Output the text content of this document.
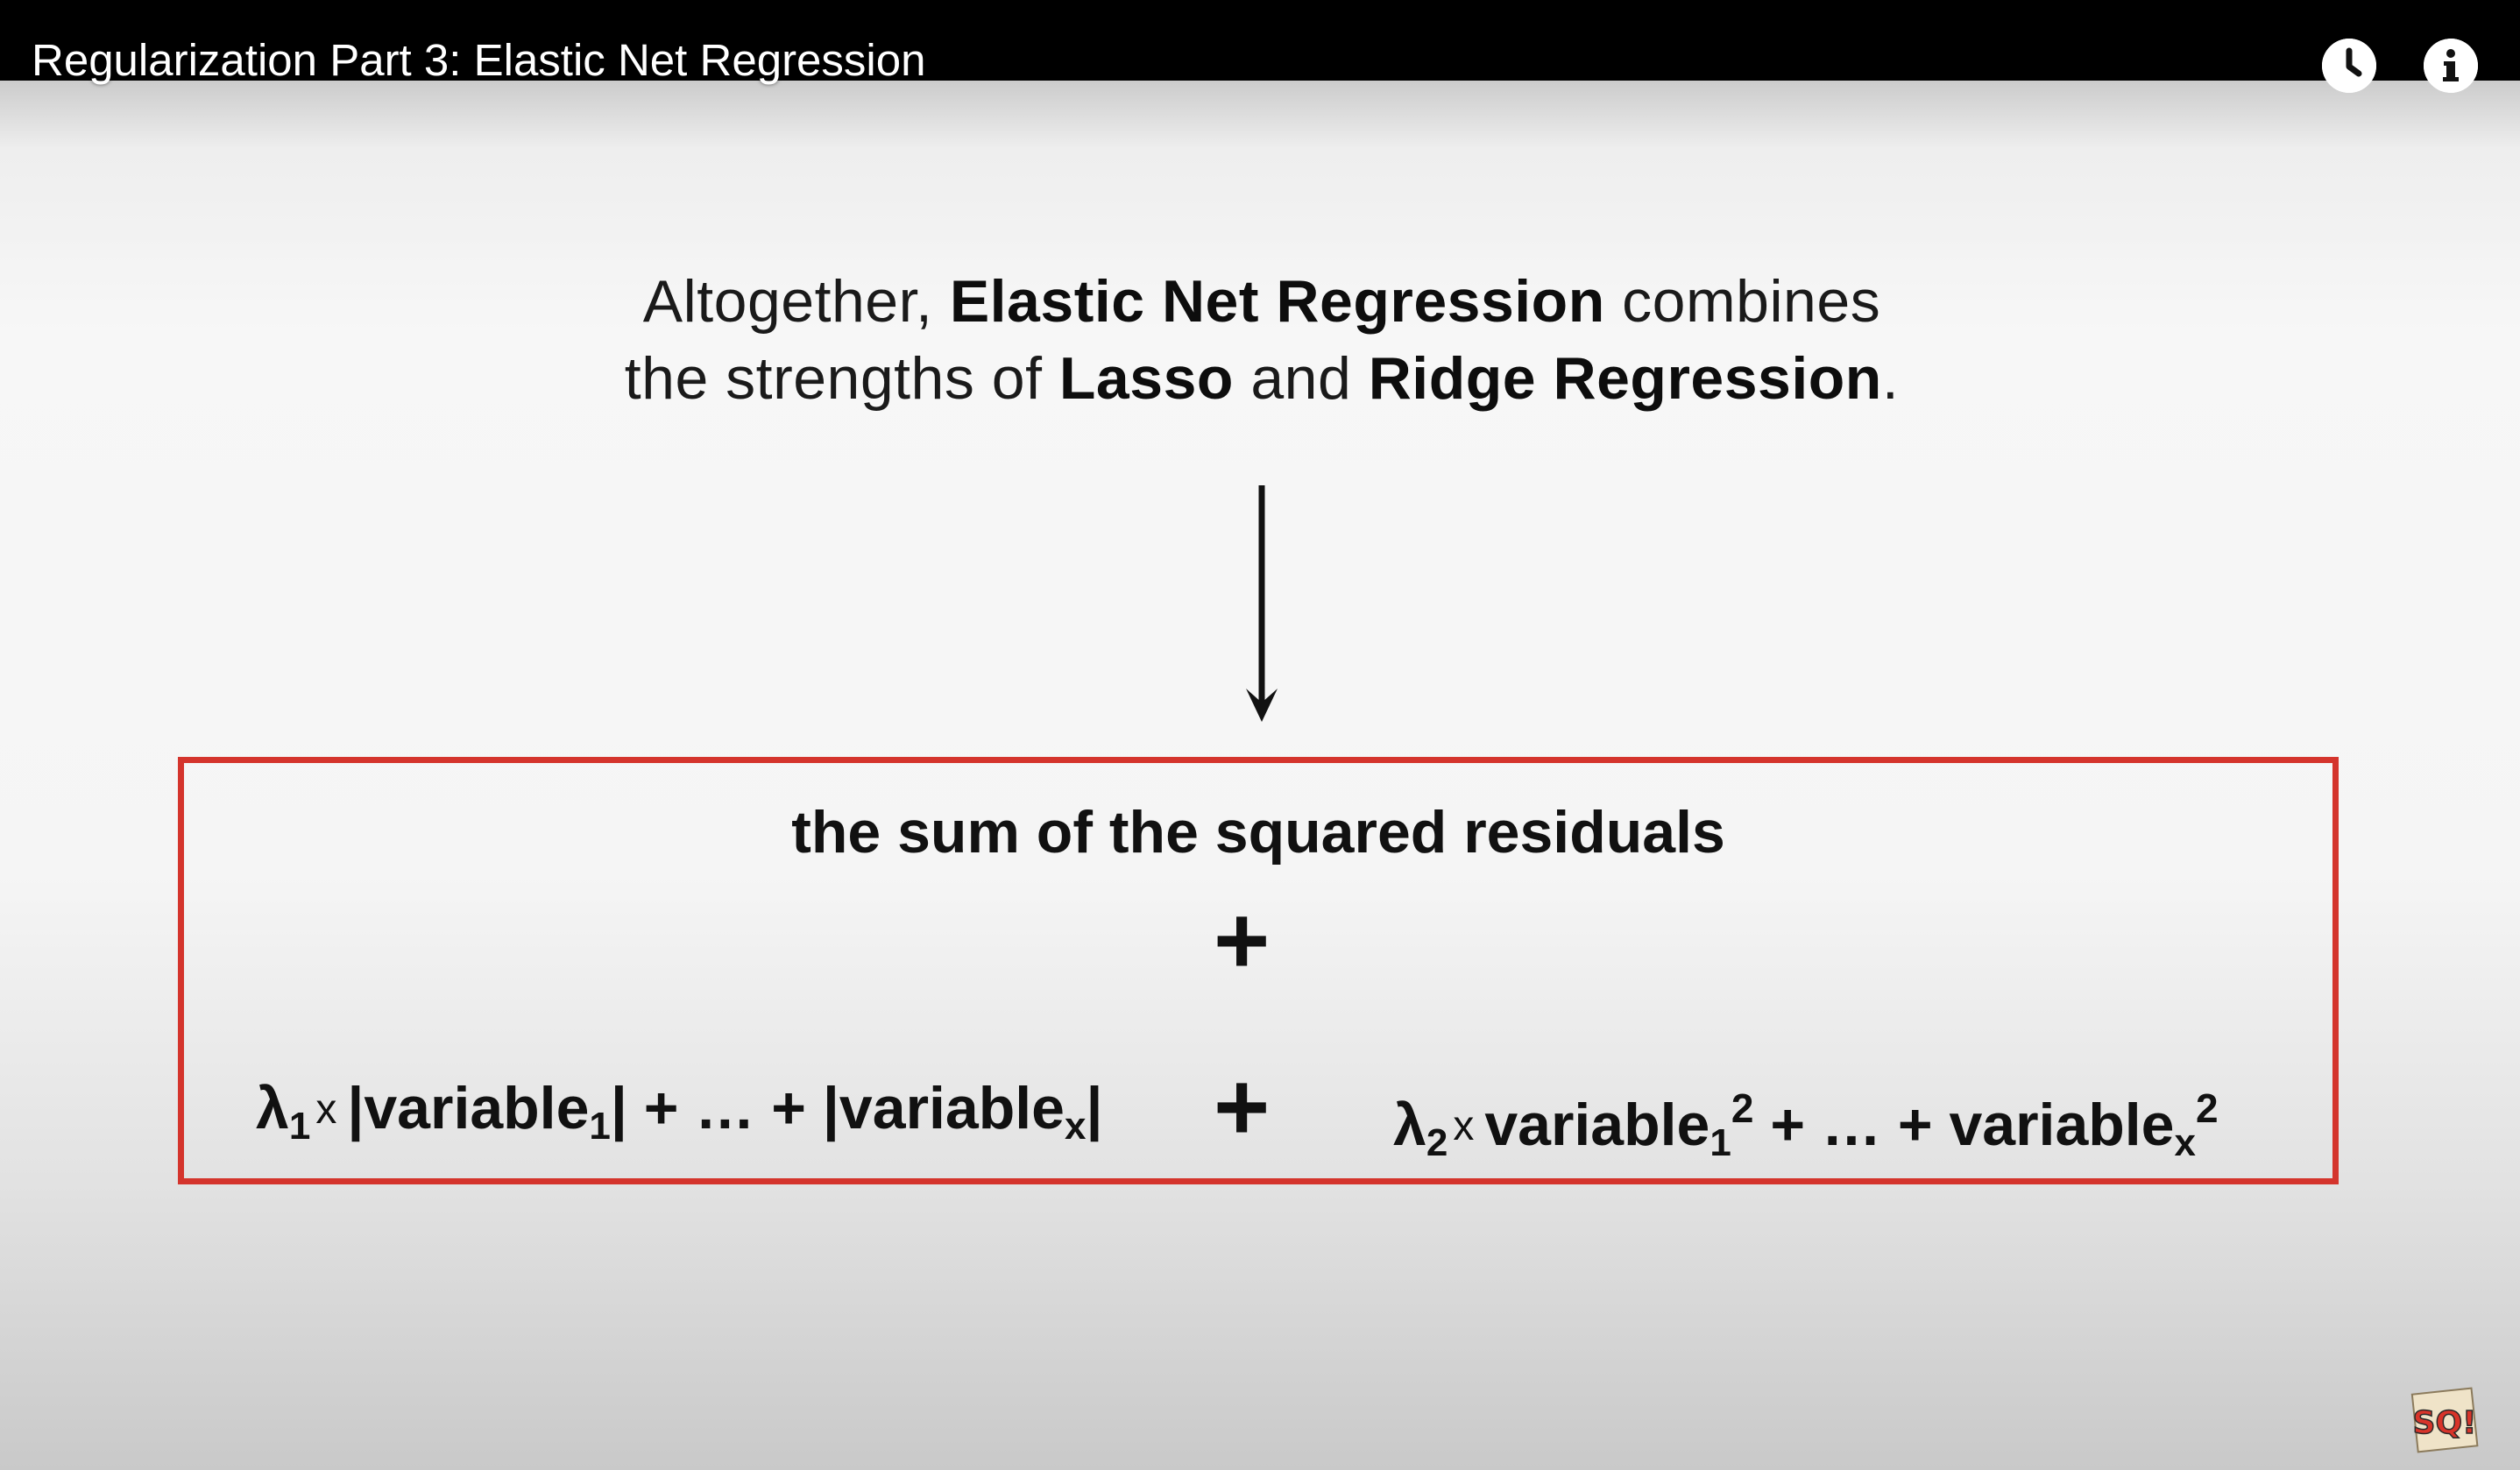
Regularization Part 3: Elastic Net Regression
Altogether, Elastic Net Regression combines
the strengths of Lasso and Ridge Regression.
the sum of the squared residuals
+
$\lambda_1$ x |variable$_1$| + … + |variable$_x$| + $\lambda_2$ x variable$_1^2$ + … + variable$_x^2$
SQ!
